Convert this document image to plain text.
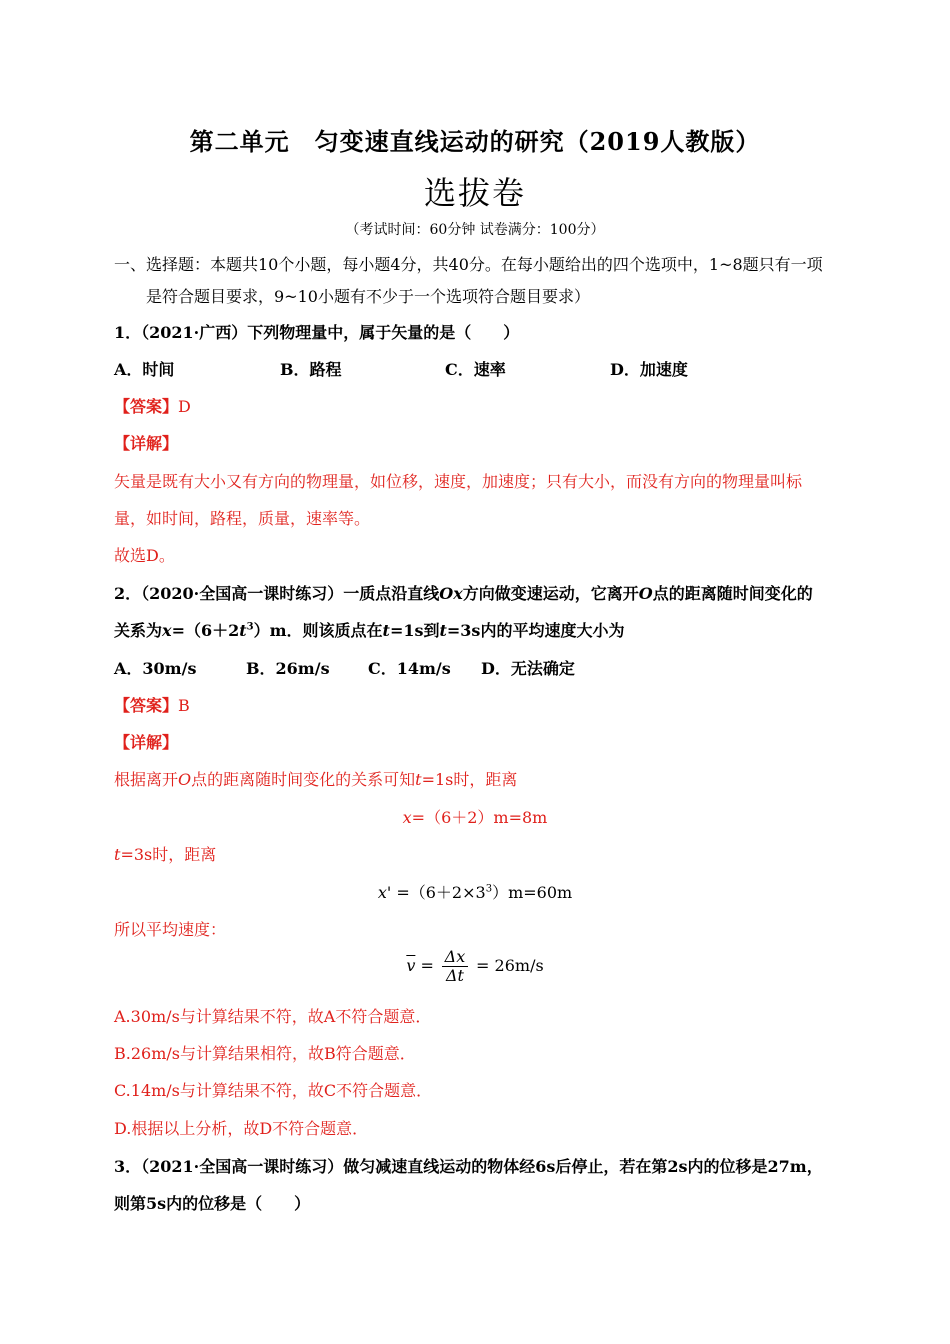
第二单元　匀变速直线运动的研究（2019人教版）
选拔卷
（考试时间：60分钟 试卷满分：100分）
一、选择题：本题共10个小题，每小题4分，共40分。在每小题给出的四个选项中，1~8题只有一项
是符合题目要求，9~10小题有不少于一个选项符合题目要求）
1．（2021·广西）下列物理量中，属于矢量的是（　　）
A．时间	B．路程	C．速率	D．加速度
【答案】D
【详解】
矢量是既有大小又有方向的物理量，如位移，速度，加速度；只有大小，而没有方向的物理量叫标
量，如时间，路程，质量，速率等。
故选D。
2．（2020·全国高一课时练习）一质点沿直线Ox方向做变速运动，它离开O点的距离随时间变化的
关系为$x=(6+2t^3)m$．则该质点在t=1s到t=3s内的平均速度大小为
A．30m/s	B．26m/s C．14m/s D．无法确定
【答案】B
【详解】
根据离开O点的距离随时间变化的关系可知t=1s时，距离
x=（6＋2）m=8m
t=3s时，距离
$x' =(6+2\times 3^3)m=60m$
所以平均速度：
$\overline{v} = \frac{\Delta x}{\Delta t} = 26m/s$
A.30m/s与计算结果不符，故A不符合题意．
B.26m/s与计算结果相符，故B符合题意．
C.14m/s与计算结果不符，故C不符合题意．
D.根据以上分析，故D不符合题意．
3．（2021·全国高一课时练习）做匀减速直线运动的物体经6s后停止，若在第2s内的位移是27m，
则第5s内的位移是（　　）
